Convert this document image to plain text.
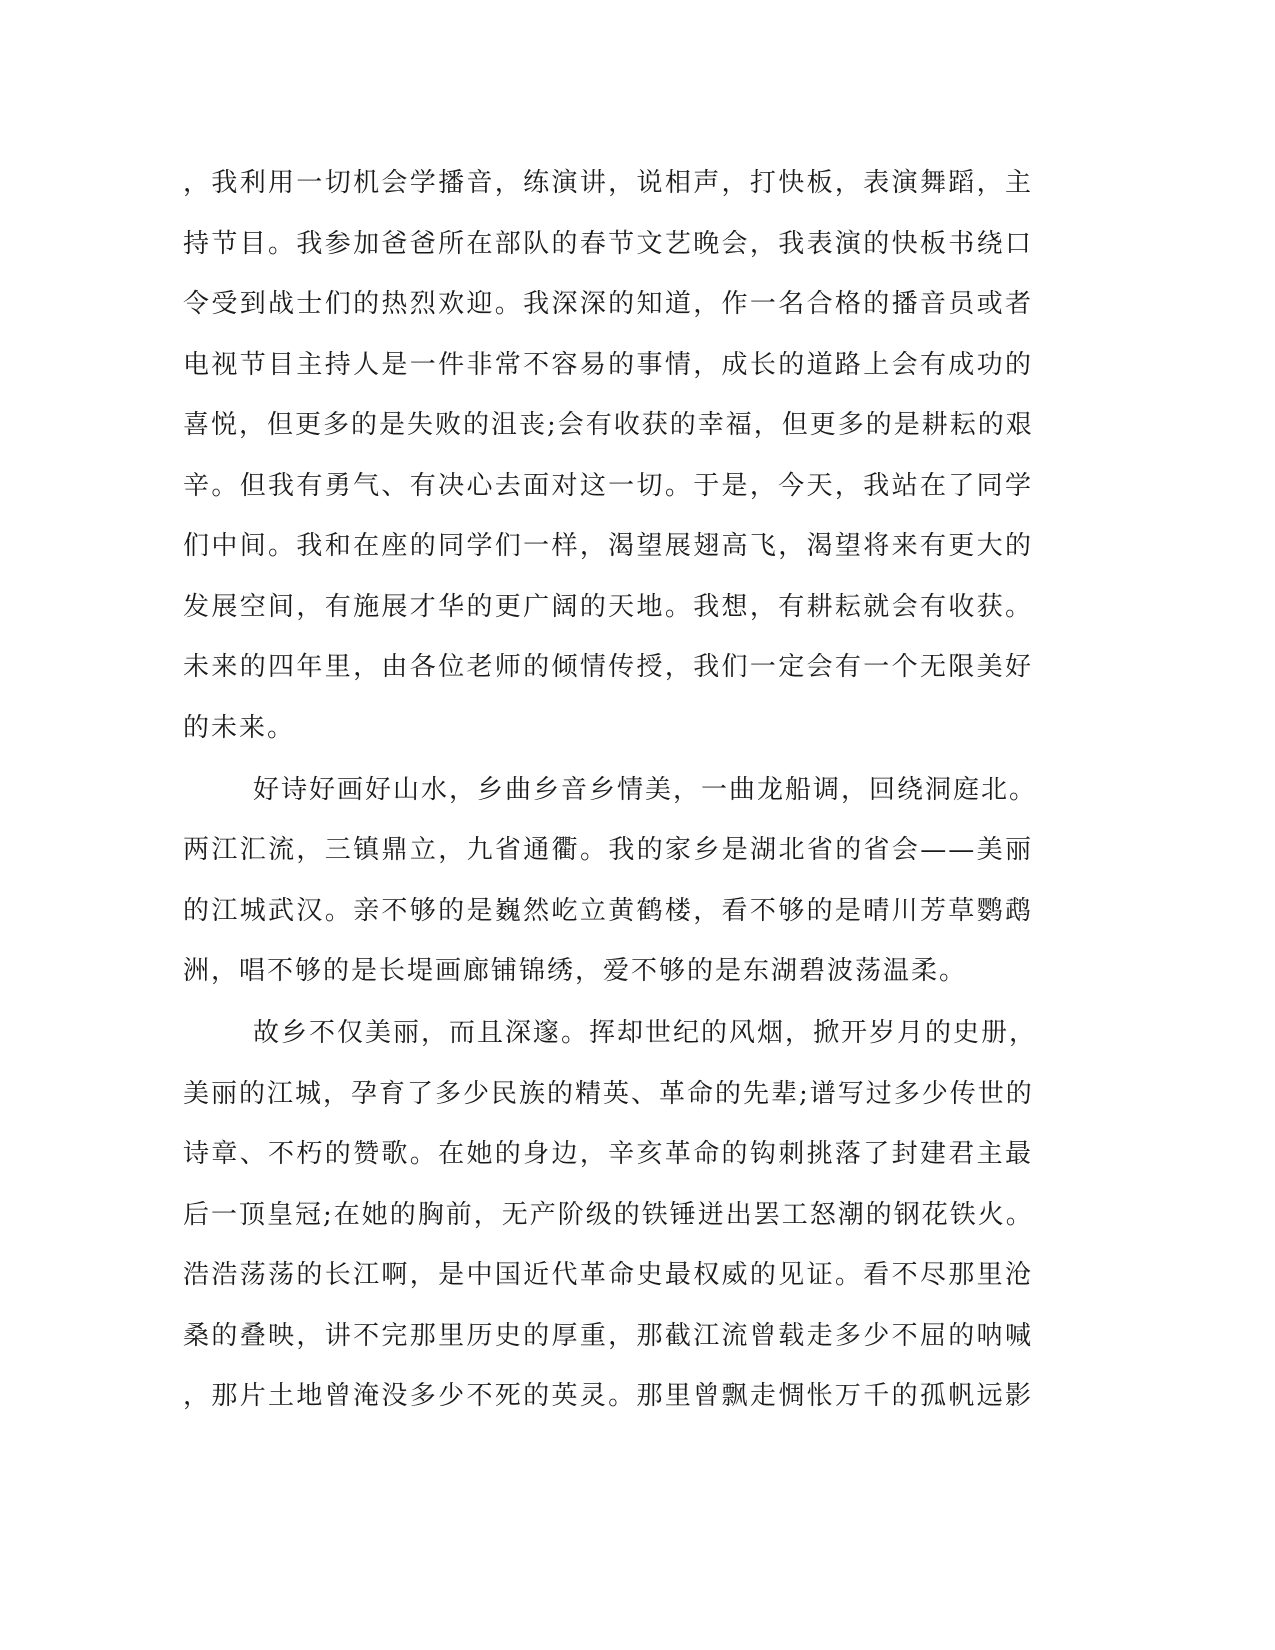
，我利用一切机会学播音，练演讲，说相声，打快板，表演舞蹈，主
持节目。我参加爸爸所在部队的春节文艺晚会，我表演的快板书绕口
令受到战士们的热烈欢迎。我深深的知道，作一名合格的播音员或者
电视节目主持人是一件非常不容易的事情，成长的道路上会有成功的
喜悦，但更多的是失败的沮丧;会有收获的幸福，但更多的是耕耘的艰
辛。但我有勇气、有决心去面对这一切。于是，今天，我站在了同学
们中间。我和在座的同学们一样，渴望展翅高飞，渴望将来有更大的
发展空间，有施展才华的更广阔的天地。我想，有耕耘就会有收获。
未来的四年里，由各位老师的倾情传授，我们一定会有一个无限美好
的未来。
好诗好画好山水，乡曲乡音乡情美，一曲龙船调，回绕洞庭北。
两江汇流，三镇鼎立，九省通衢。我的家乡是湖北省的省会——美丽
的江城武汉。亲不够的是巍然屹立黄鹤楼，看不够的是晴川芳草鹦鹉
洲，唱不够的是长堤画廊铺锦绣，爱不够的是东湖碧波荡温柔。
故乡不仅美丽，而且深邃。挥却世纪的风烟，掀开岁月的史册，
美丽的江城，孕育了多少民族的精英、革命的先辈;谱写过多少传世的
诗章、不朽的赞歌。在她的身边，辛亥革命的钩刺挑落了封建君主最
后一顶皇冠;在她的胸前，无产阶级的铁锤迸出罢工怒潮的钢花铁火。
浩浩荡荡的长江啊，是中国近代革命史最权威的见证。看不尽那里沧
桑的叠映，讲不完那里历史的厚重，那截江流曾载走多少不屈的呐喊
，那片土地曾淹没多少不死的英灵。那里曾飘走惆怅万千的孤帆远影
